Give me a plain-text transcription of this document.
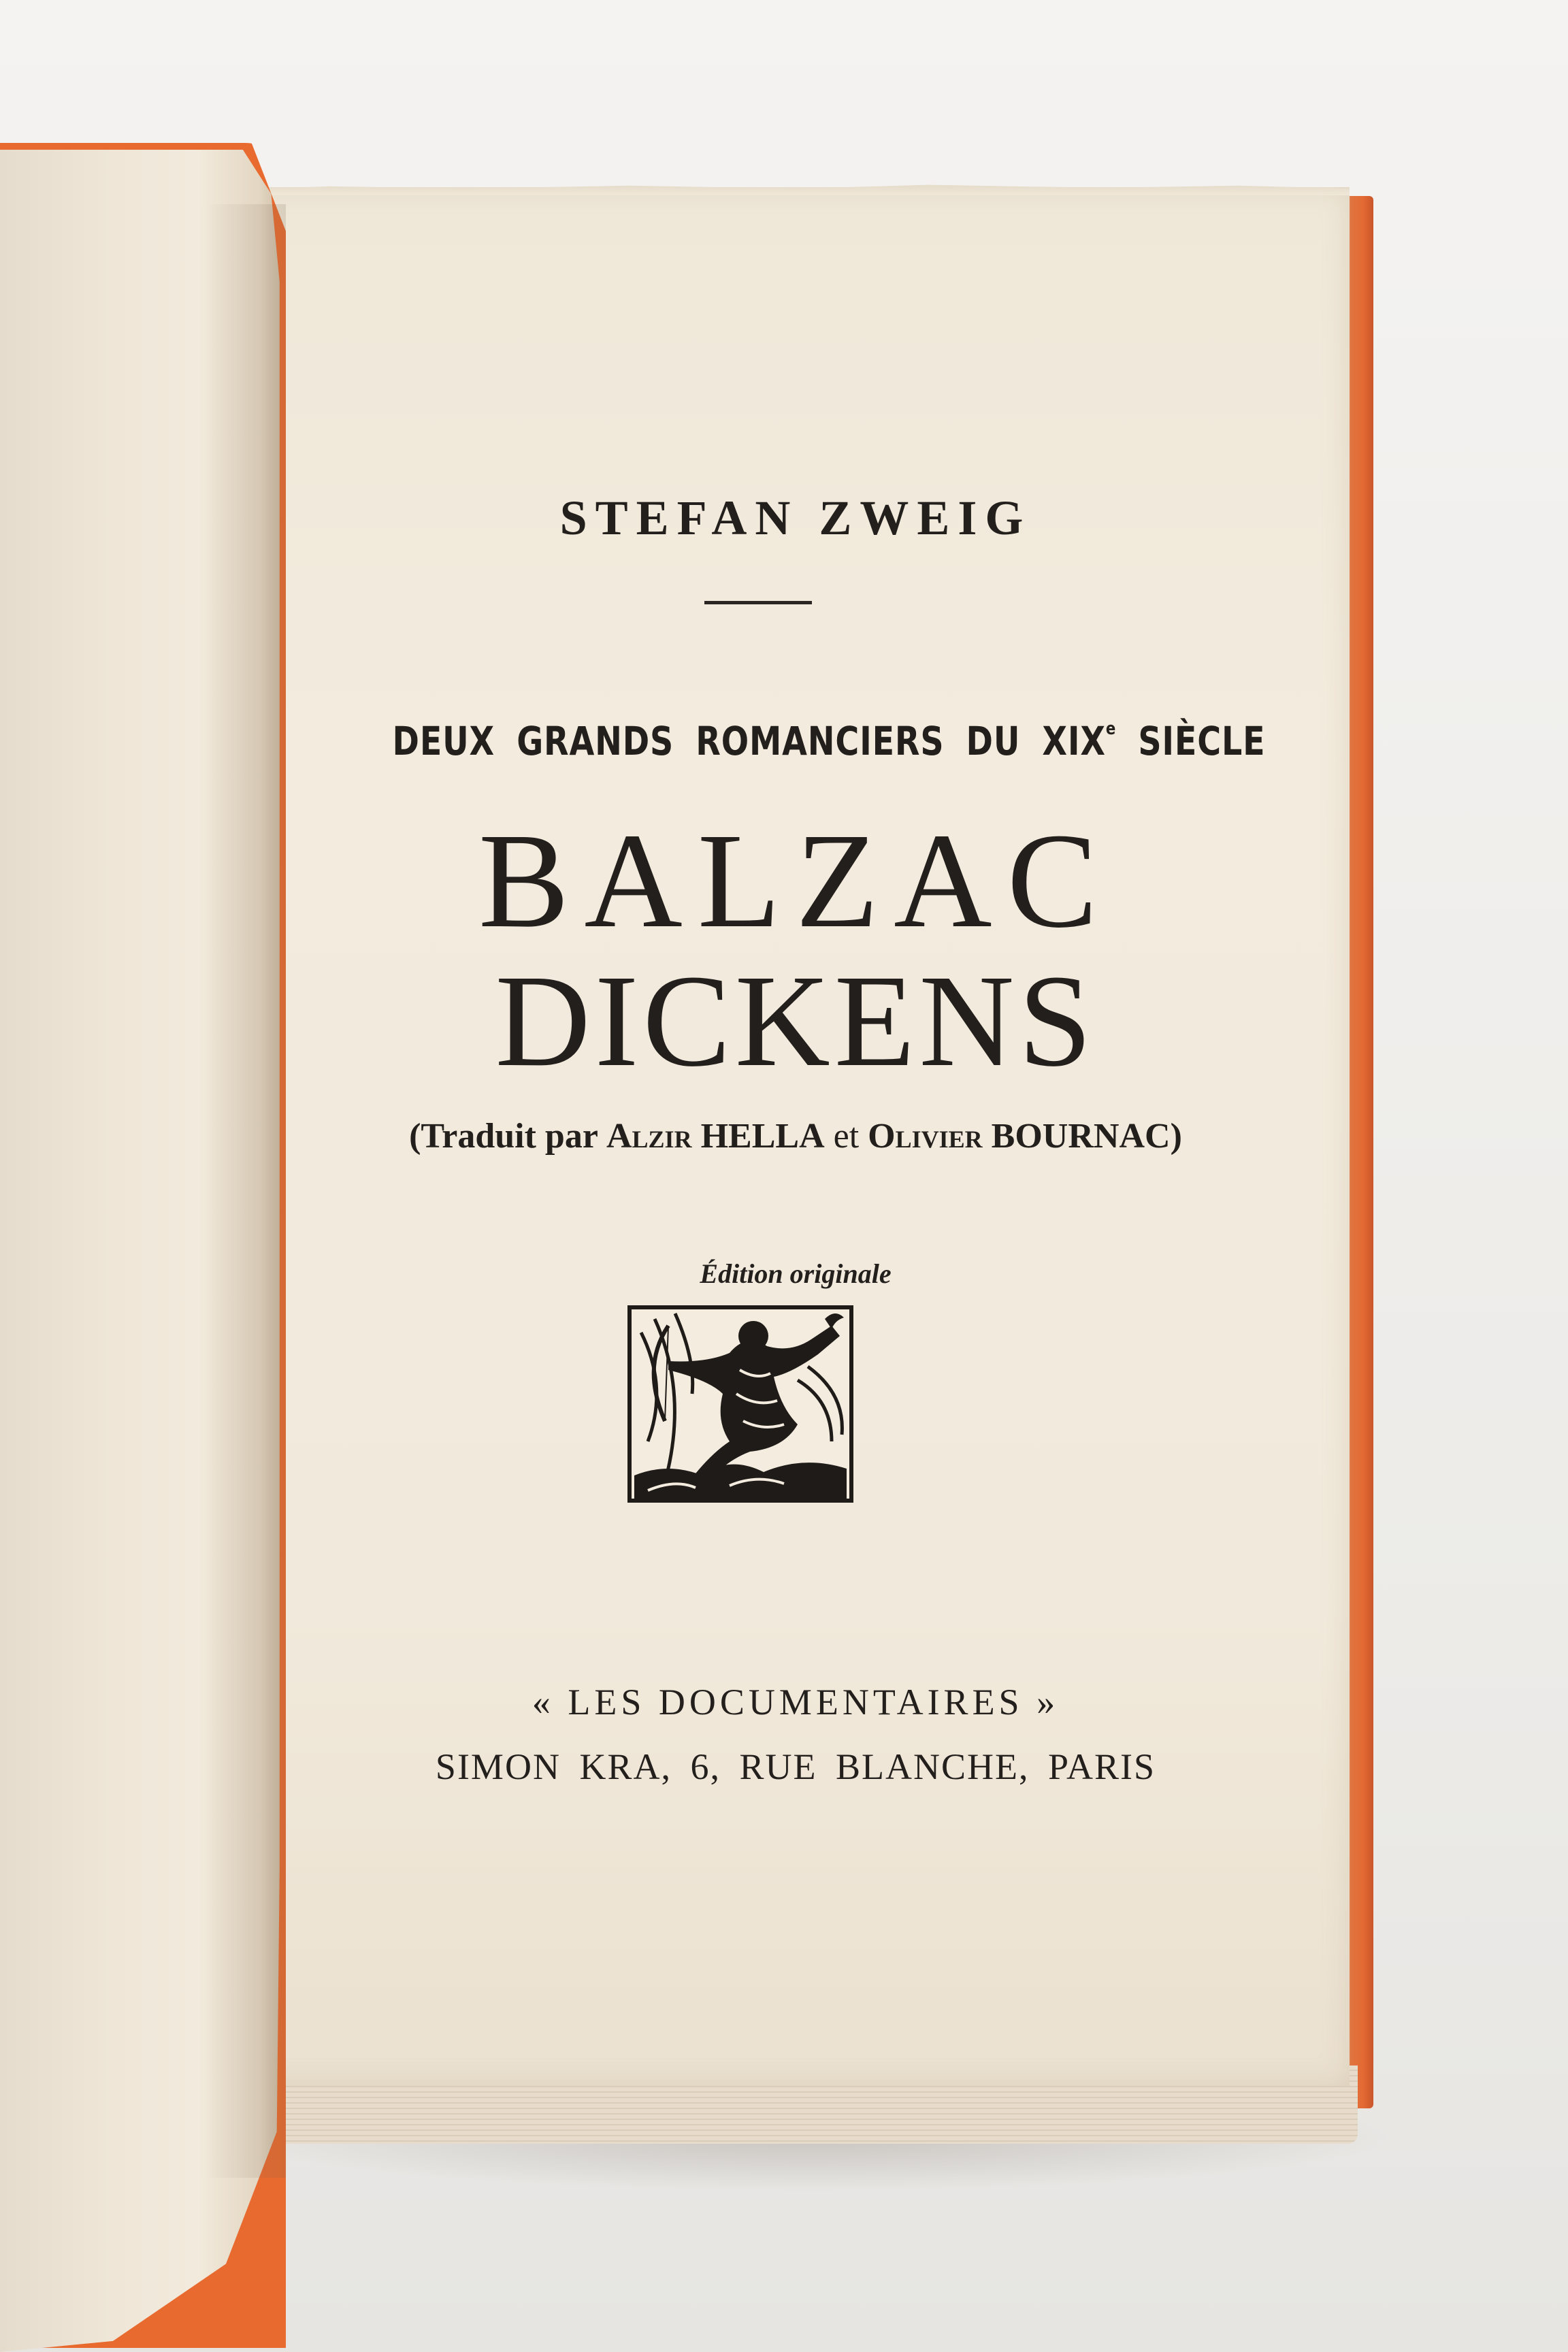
STEFAN ZWEIG
DEUX GRANDS ROMANCIERS DU XIXe SIÈCLE
BALZAC
DICKENS
(Traduit par Alzir HELLA et Olivier BOURNAC)
Édition originale
« LES DOCUMENTAIRES »
SIMON KRA, 6, RUE BLANCHE, PARIS
